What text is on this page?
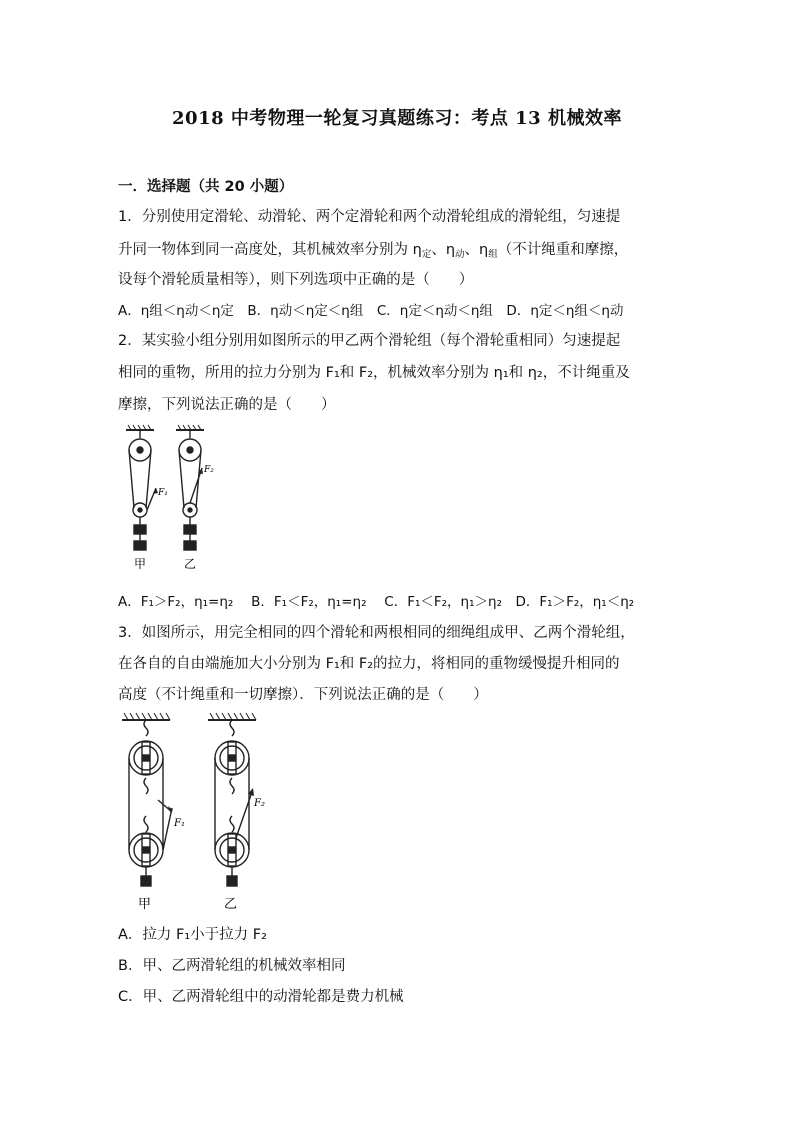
2018 中考物理一轮复习真题练习：考点 13 机械效率
一．选择题（共 20 小题）
1．分别使用定滑轮、动滑轮、两个定滑轮和两个动滑轮组成的滑轮组，匀速提
升同一物体到同一高度处，其机械效率分别为 $\eta_定$、$\eta_动$、$\eta_组$（不计绳重和摩擦，
设每个滑轮质量相等），则下列选项中正确的是（　　）
A．η组＜η动＜η定　B．η动＜η定＜η组　C．η定＜η动＜η组　D．η定＜η组＜η动
2．某实验小组分别用如图所示的甲乙两个滑轮组（每个滑轮重相同）匀速提起
相同的重物，所用的拉力分别为 F₁和 F₂，机械效率分别为 η₁和 η₂，不计绳重及
摩擦，下列说法正确的是（　　）
F₁
F₂
甲	乙
A．F₁＞F₂，η₁=η₂　 B．F₁＜F₂，η₁=η₂　 C．F₁＜F₂，η₁＞η₂　D．F₁＞F₂，η₁＜η₂
3．如图所示，用完全相同的四个滑轮和两根相同的细绳组成甲、乙两个滑轮组，
在各自的自由端施加大小分别为 F₁和 F₂的拉力，将相同的重物缓慢提升相同的
高度（不计绳重和一切摩擦）．下列说法正确的是（　　）
F₁
F₂
甲	乙
A．拉力 F₁小于拉力 F₂
B．甲、乙两滑轮组的机械效率相同
C．甲、乙两滑轮组中的动滑轮都是费力机械
